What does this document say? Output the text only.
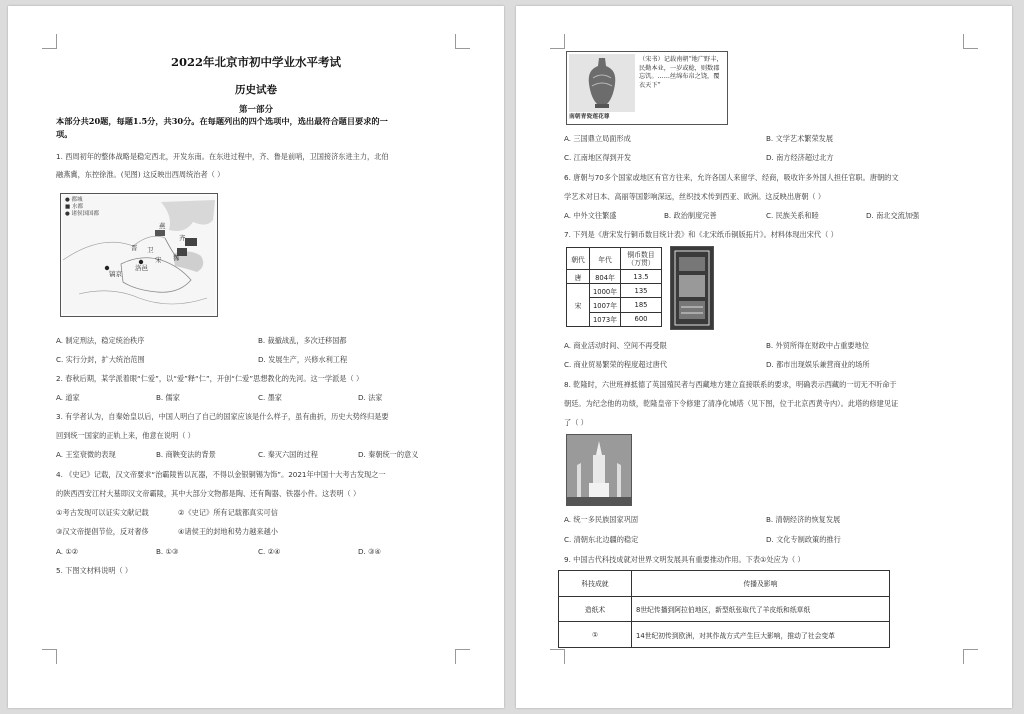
2022年北京市初中学业水平考试
历史试卷
第一部分
本部分共20题，每题1.5分，共30分。在每题列出的四个选项中，选出最符合题目要求的一
项。
1. 西周初年的整体战略是稳定西北，开发东南。在东进过程中，齐、鲁是前哨，卫国接济东进主力，北伯
融燕冀，东控徐淮。(见图) 这反映出西周统治者（ ）
● 都城
■ 水都
● 诸侯国国都
镐京
洛邑
晋 卫
齐
鲁
宋
燕
A. 制定刑法，稳定统治秩序	B. 裁撤战乱，多次迁移国都
C. 实行分封，扩大统治范围	D. 发展生产，兴修水利工程
2. 春秋后期，某学派着眼“仁爱”，以“爱”释“仁”，开创“仁爱”思想教化的先河。这一学派是（ ）
A. 道家	B. 儒家	C. 墨家	D. 法家
3. 有学者认为，自秦始皇以后，中国人明白了自己的国家应该是什么样子，虽有曲折，历史大势终归是要
回到统一国家的正轨上来，他意在说明（ ）
A. 王室衰微的表现	B. 商鞅变法的背景	C. 秦灭六国的过程	D. 秦朝统一的意义
4. 《史记》记载，汉文帝要求“治霸陵皆以瓦器，不得以金银铜锡为饰”。2021年中国十大考古发现之一
的陕西西安江村大墓即汉文帝霸陵，其中大部分文物都是陶、还有陶器、铁器小件。这表明（ ）
①考古发现可以证实文献记载	②《史记》所有记载都真实可信
③汉文帝提倡节俭，反对奢侈	④诸侯王的封地和势力越来越小
A. ①②	B. ①③	C. ②④	D. ③④
5. 下图文材料说明（ ）
南朝青瓷莲花尊
（宋书）记载南朝“地广野丰，民勤本业，一岁或稔，则数郡忘饥。……丝绵布帛之饶，覆衣天下”
A. 三国鼎立局面形成	B. 文学艺术繁荣发展
C. 江南地区得到开发	D. 南方经济超过北方
6. 唐朝与70多个国家或地区有官方往来，允许各国人来留学、经商，吸收许多外国人担任官职。唐朝的文
学艺术对日本、高丽等国影响深远，丝织技术传到西亚、欧洲。这反映出唐朝（ ）
A. 中外文往繁盛	B. 政治制度完善	C. 民族关系和睦	D. 南北交流加强
7. 下列是《唐宋发行铜币数目统计表》和《北宋纸币铜版拓片》。材料体现出宋代（ ）
朝代	年代	铜币数目（万贯）
唐	804年	13.5
宋	1000年	135
	1007年	185
	1073年	600
A. 商业活动时间、空间不再受限	B. 外贸所得在财政中占重要地位
C. 商业贸易繁荣的程度超过唐代	D. 都市出现娱乐兼营商业的场所
8. 乾隆时，六世班禅抵德了英国殖民者与西藏地方建立直接联系的要求，明确表示西藏的一切无不听命于
朝廷。为纪念他的功绩，乾隆皇帝下令修建了清净化城塔（见下图，位于北京西黄寺内）。此塔的修建见证
了（ ）
A. 统一多民族国家巩固	B. 清朝经济的恢复发展
C. 清朝东北边疆的稳定	D. 文化专制政策的推行
9. 中国古代科技成就对世界文明发展具有重要推动作用。下表①处应为（ ）
科技成就	传播及影响
造纸术	8世纪传播到阿拉伯地区，新型纸张取代了羊皮纸和纸草纸
①	14世纪初传到欧洲，对其作战方式产生巨大影响，推动了社会变革
